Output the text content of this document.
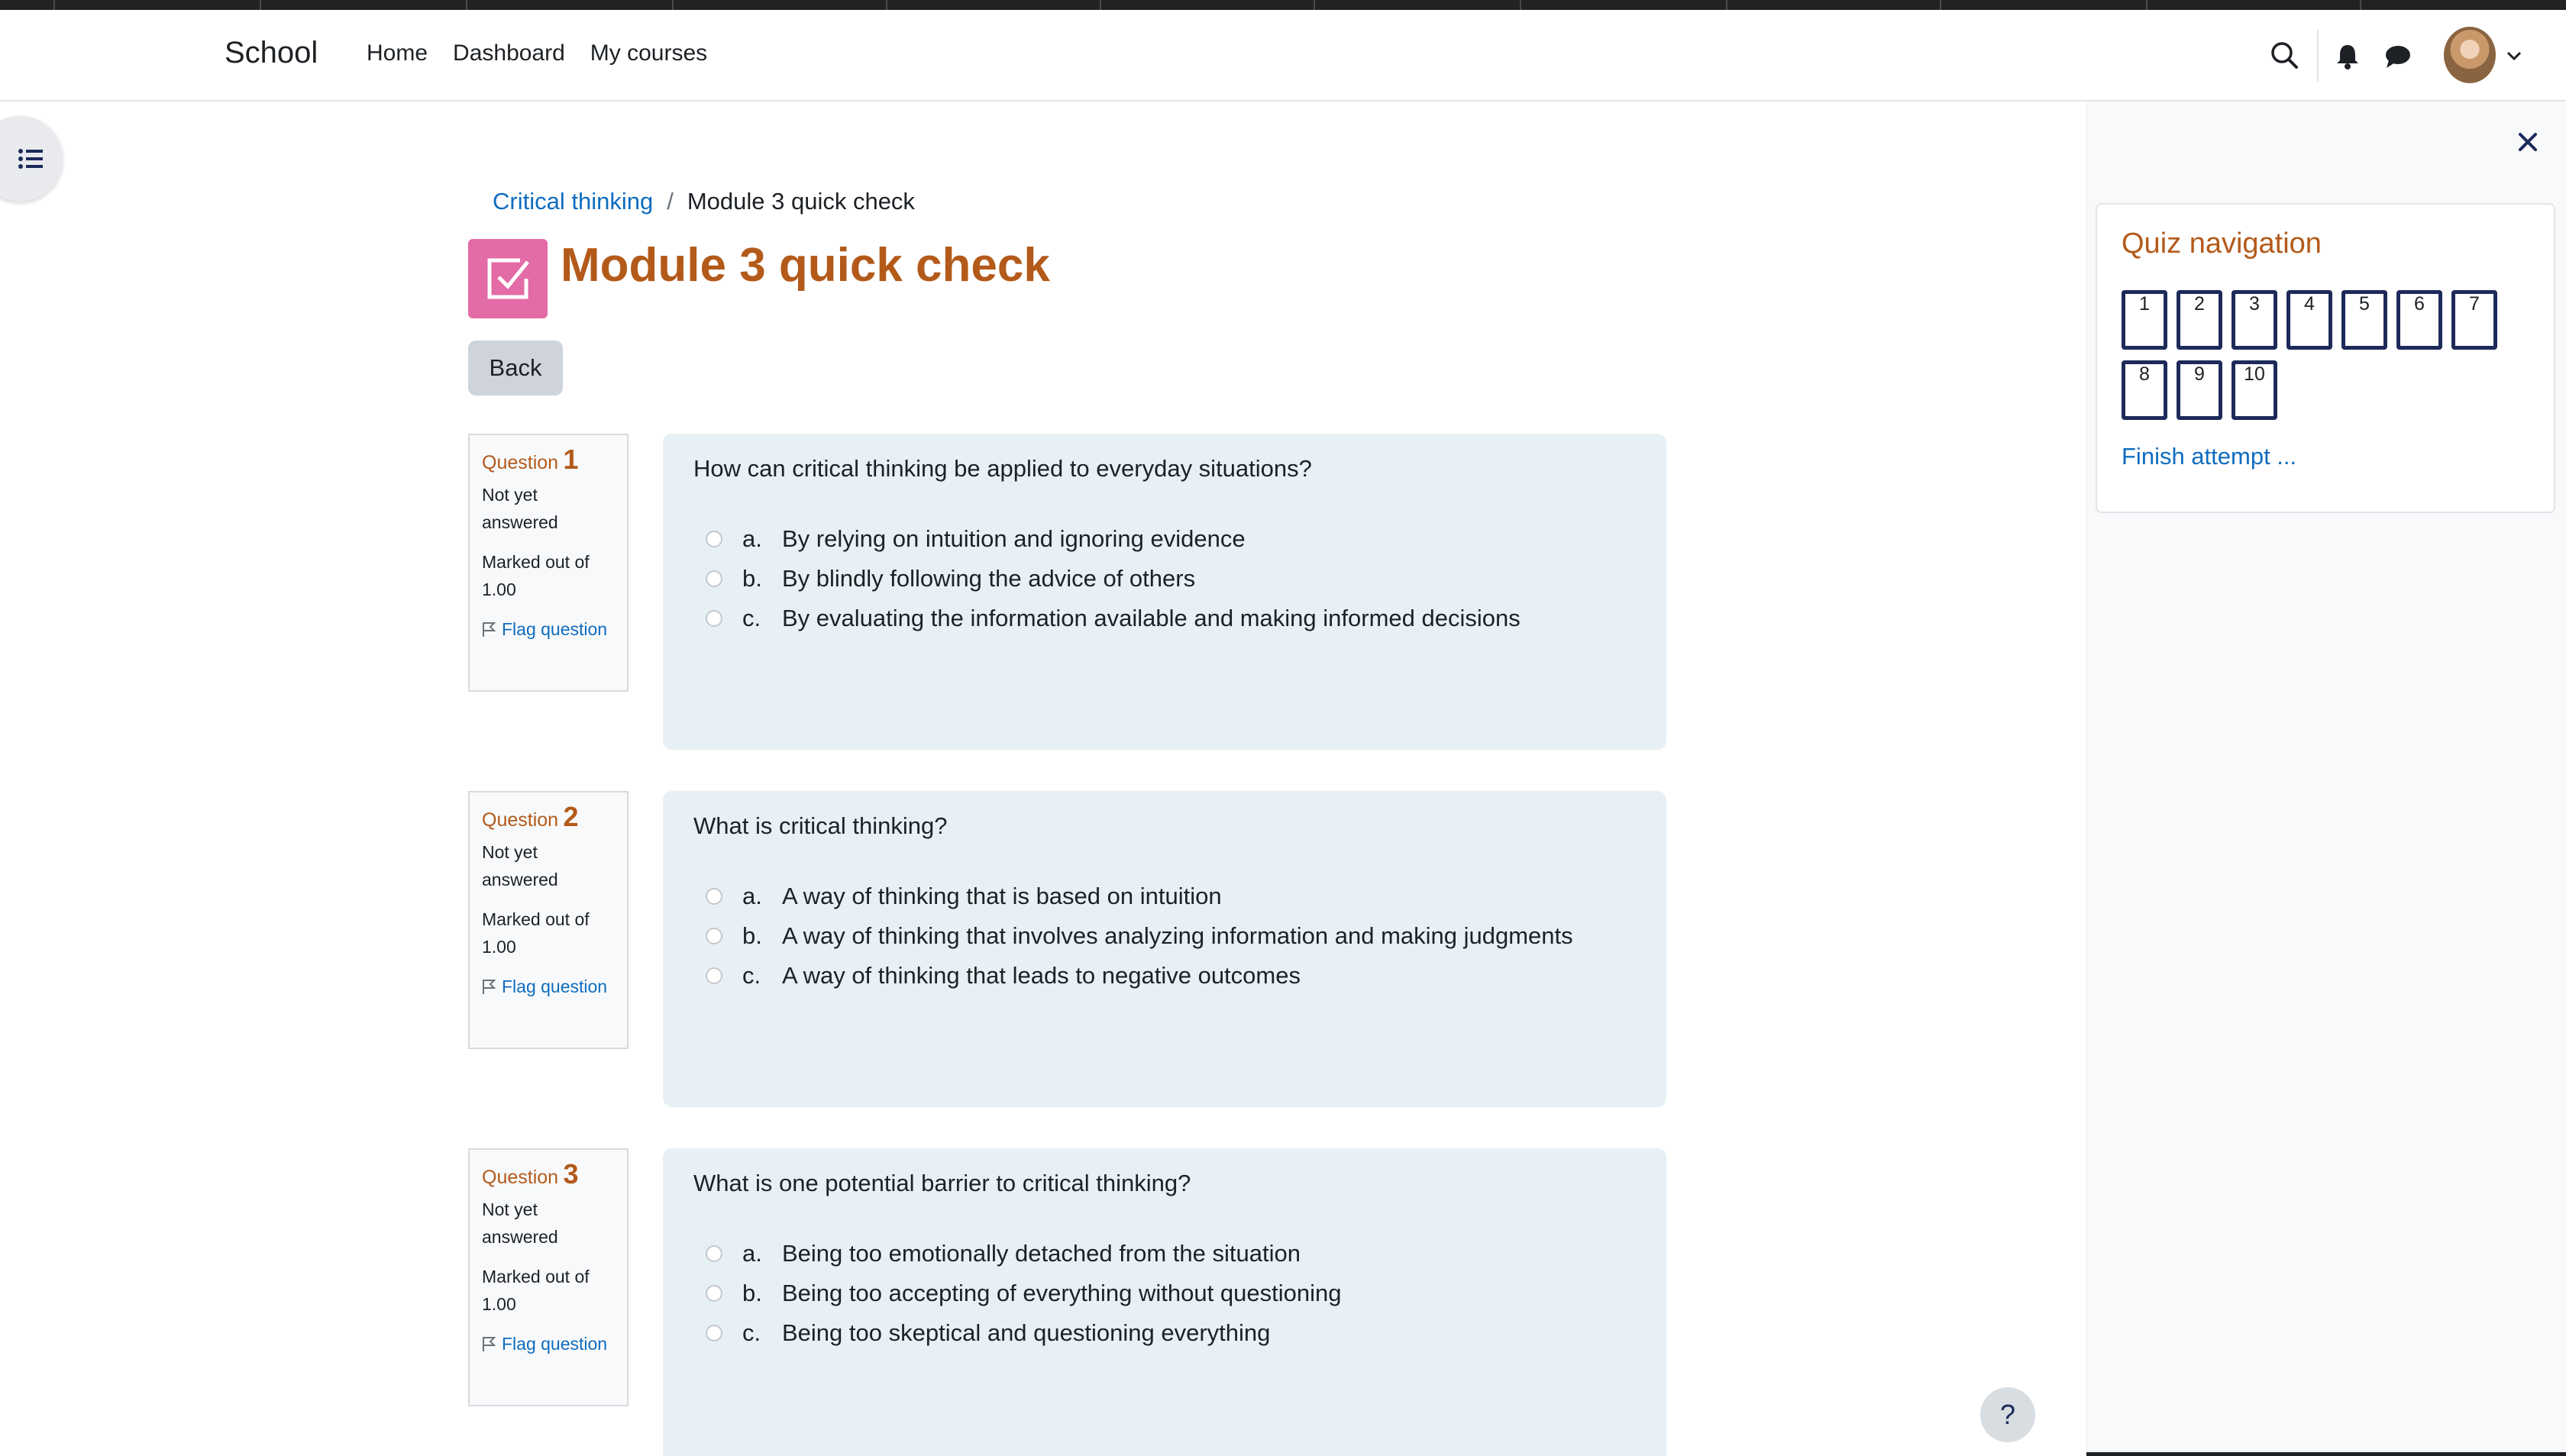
School Home Dashboard My courses
Critical thinking / Module 3 quick check
Module 3 quick check
Back
Question 1
Not yet answered
Marked out of 1.00
Flag question
How can critical thinking be applied to everyday situations?
a. By relying on intuition and ignoring evidence
b. By blindly following the advice of others
c. By evaluating the information available and making informed decisions
Question 2
Not yet answered
Marked out of 1.00
Flag question
What is critical thinking?
a. A way of thinking that is based on intuition
b. A way of thinking that involves analyzing information and making judgments
c. A way of thinking that leads to negative outcomes
Question 3
Not yet answered
Marked out of 1.00
Flag question
What is one potential barrier to critical thinking?
a. Being too emotionally detached from the situation
b. Being too accepting of everything without questioning
c. Being too skeptical and questioning everything
Quiz navigation
1	2	3	4	5	6	7
8	9	10
Finish attempt ...
?
